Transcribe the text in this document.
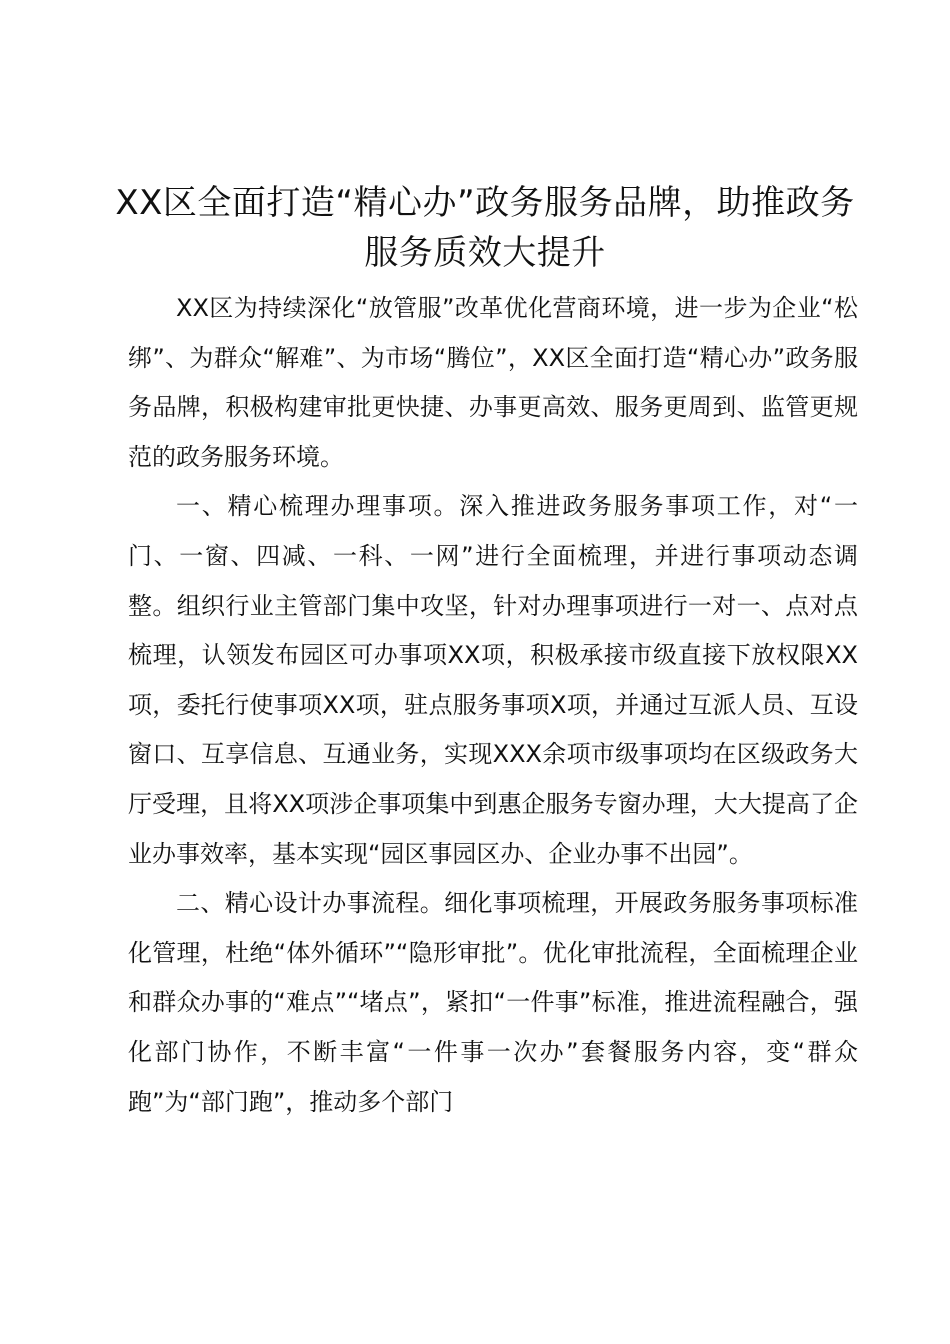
XX区全面打造“精心办”政务服务品牌，助推政务服务质效大提升

XX区为持续深化“放管服”改革优化营商环境，进一步为企业“松绑”、为群众“解难”、为市场“腾位”，XX区全面打造“精心办”政务服务品牌，积极构建审批更快捷、办事更高效、服务更周到、监管更规范的政务服务环境。

一、精心梳理办理事项。深入推进政务服务事项工作，对“一门、一窗、四减、一科、一网”进行全面梳理，并进行事项动态调整。组织行业主管部门集中攻坚，针对办理事项进行一对一、点对点梳理，认领发布园区可办事项XX项，积极承接市级直接下放权限XX项，委托行使事项XX项，驻点服务事项X项，并通过互派人员、互设窗口、互享信息、互通业务，实现XXX余项市级事项均在区级政务大厅受理，且将XX项涉企事项集中到惠企服务专窗办理，大大提高了企业办事效率，基本实现“园区事园区办、企业办事不出园”。

二、精心设计办事流程。细化事项梳理，开展政务服务事项标准化管理，杜绝“体外循环”“隐形审批”。优化审批流程，全面梳理企业和群众办事的“难点”“堵点”，紧扣“一件事”标准，推进流程融合，强化部门协作，不断丰富“一件事一次办”套餐服务内容，变“群众跑”为“部门跑”，推动多个部门
